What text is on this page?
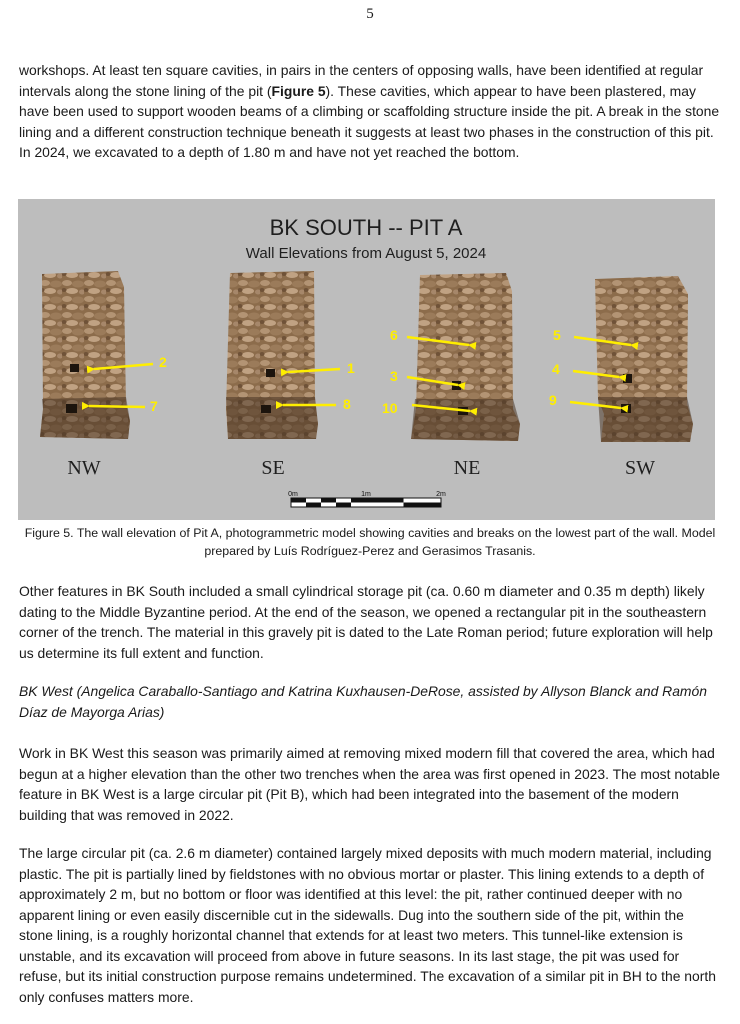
5
workshops. At least ten square cavities, in pairs in the centers of opposing walls, have been identified at regular intervals along the stone lining of the pit (Figure 5). These cavities, which appear to have been plastered, may have been used to support wooden beams of a climbing or scaffolding structure inside the pit. A break in the stone lining and a different construction technique beneath it suggests at least two phases in the construction of this pit. In 2024, we excavated to a depth of 1.80 m and have not yet reached the bottom.
BK SOUTH -- PIT A
Wall Elevations from August 5, 2024
2
7
1
8
6
3
10
5
4
9
NW	SE	NE	SW
0m	1m	2m
Figure 5. The wall elevation of Pit A, photogrammetric model showing cavities and breaks on the lowest part of the wall. Model prepared by Luís Rodríguez-Perez and Gerasimos Trasanis.
Other features in BK South included a small cylindrical storage pit (ca. 0.60 m diameter and 0.35 m depth) likely dating to the Middle Byzantine period. At the end of the season, we opened a rectangular pit in the southeastern corner of the trench. The material in this gravely pit is dated to the Late Roman period; future exploration will help us determine its full extent and function.
BK West (Angelica Caraballo-Santiago and Katrina Kuxhausen-DeRose, assisted by Allyson Blanck and Ramón Díaz de Mayorga Arias)
Work in BK West this season was primarily aimed at removing mixed modern fill that covered the area, which had begun at a higher elevation than the other two trenches when the area was first opened in 2023. The most notable feature in BK West is a large circular pit (Pit B), which had been integrated into the basement of the modern building that was removed in 2022.
The large circular pit (ca. 2.6 m diameter) contained largely mixed deposits with much modern material, including plastic. The pit is partially lined by fieldstones with no obvious mortar or plaster. This lining extends to a depth of approximately 2 m, but no bottom or floor was identified at this level: the pit, rather continued deeper with no apparent lining or even easily discernible cut in the sidewalls. Dug into the southern side of the pit, within the stone lining, is a roughly horizontal channel that extends for at least two meters. This tunnel-like extension is unstable, and its excavation will proceed from above in future seasons. In its last stage, the pit was used for refuse, but its initial construction purpose remains undetermined. The excavation of a similar pit in BH to the north only confuses matters more.
